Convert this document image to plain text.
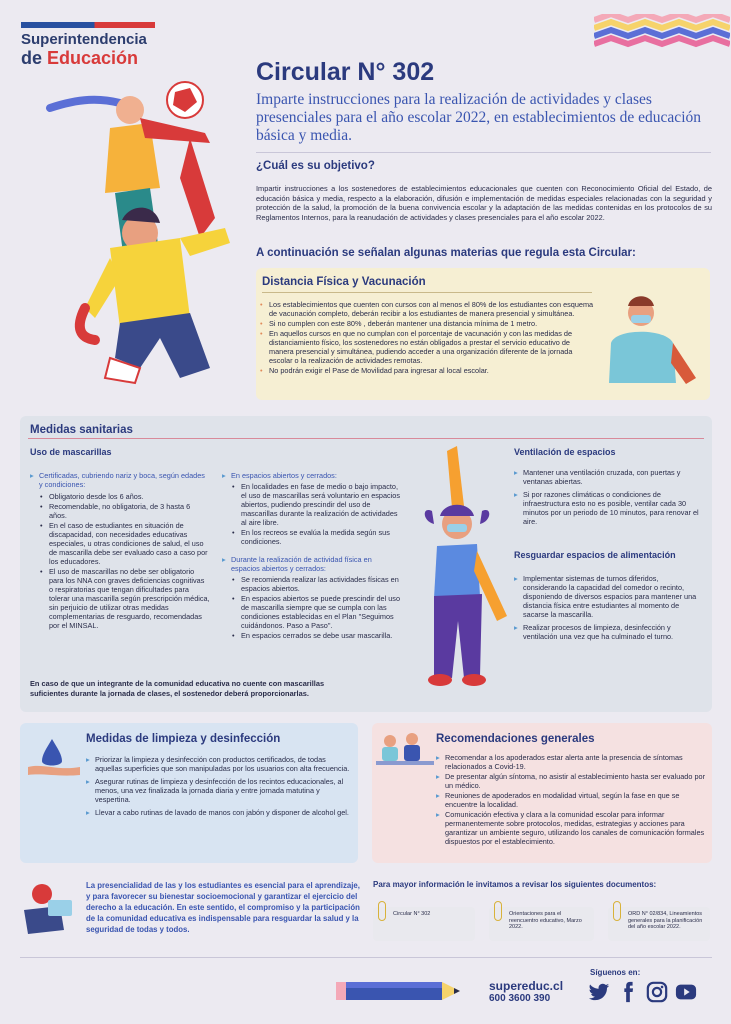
Superintendencia
de Educación	Circular N° 302
Imparte instrucciones para la realización de actividades y clases presenciales para el año escolar 2022, en establecimientos de educación básica y media.
¿Cuál es su objetivo?
Impartir instrucciones a los sostenedores de establecimientos educacionales que cuenten con Reconocimiento Oficial del Estado, de educación básica y media, respecto a la elaboración, difusión e implementación de medidas especiales relacionadas con la seguridad y protección de la salud, la promoción de la buena convivencia escolar y la adaptación de las medidas contenidas en los protocolos de su Reglamentos Internos, para la reanudación de actividades y clases presenciales para el año escolar 2022.
A continuación se señalan algunas materias que regula esta Circular:
Distancia Física y Vacunación
• Los establecimientos que cuenten con cursos con al menos el 80% de los estudiantes con esquema de vacunación completo, deberán recibir a los estudiantes de manera presencial y simultánea.
• Si no cumplen con este 80% , deberán mantener una distancia mínima de 1 metro.
• En aquellos cursos en que no cumplan con el porcentaje de vacunación y con las medidas de distanciamiento físico, los sostenedores no están obligados a prestar el servicio educativo de manera presencial y simultánea, pudiendo acceder a una organización diferente de la jornada escolar o la realización de actividades remotas.
• No podrán exigir el Pase de Movilidad para ingresar al local escolar.
Medidas sanitarias
Uso de mascarillas
▸ Certificadas, cubriendo nariz y boca, según edades y condiciones:
• Obligatorio desde los 6 años.
• Recomendable, no obligatoria, de 3 hasta 6 años.
• En el caso de estudiantes en situación de discapacidad, con necesidades educativas especiales, u otras condiciones de salud, el uso de mascarilla debe ser evaluado caso a caso por los educadores.
• El uso de mascarillas no debe ser obligatorio para los NNA con graves deficiencias cognitivas o respiratorias que tengan dificultades para tolerar una mascarilla según prescripción médica, sin perjuicio de utilizar otras medidas complementarias de resguardo, recomendadas por el MINSAL.
▸ En espacios abiertos y cerrados:
• En localidades en fase de medio o bajo impacto, el uso de mascarillas será voluntario en espacios abiertos, pudiendo prescindir del uso de mascarillas durante la realización de actividades al aire libre.
• En los recreos se evalúa la medida según sus condiciones.
▸ Durante la realización de actividad física en espacios abiertos y cerrados:
• Se recomienda realizar las actividades físicas en espacios abiertos.
• En espacios abiertos se puede prescindir del uso de mascarilla siempre que se cumpla con las condiciones establecidas en el Plan "Seguimos cuidándonos. Paso a Paso".
• En espacios cerrados se debe usar mascarilla.
En caso de que un integrante de la comunidad educativa no cuente con mascarillas suficientes durante la jornada de clases, el sostenedor deberá proporcionarlas.
Ventilación de espacios
▸ Mantener una ventilación cruzada, con puertas y ventanas abiertas.
▸ Si por razones climáticas o condiciones de infraestructura esto no es posible, ventilar cada 30 minutos por un periodo de 10 minutos, para renovar el aire.
Resguardar espacios de alimentación
▸ Implementar sistemas de turnos diferidos, considerando la capacidad del comedor o recinto, disponiendo de diversos espacios para mantener una distancia física entre estudiantes al momento de sacarse la mascarilla.
▸ Realizar procesos de limpieza, desinfección y ventilación una vez que ha culminado el turno.
Medidas de limpieza y desinfección
▸ Priorizar la limpieza y desinfección con productos certificados, de todas aquellas superficies que son manipuladas por los usuarios con alta frecuencia.
▸ Asegurar rutinas de limpieza y desinfección de los recintos educacionales, al menos, una vez finalizada la jornada diaria y entre jornada matutina y vespertina.
▸ Llevar a cabo rutinas de lavado de manos con jabón y disponer de alcohol gel.
Recomendaciones generales
▸ Recomendar a los apoderados estar alerta ante la presencia de síntomas relacionados a Covid-19.
▸ De presentar algún síntoma, no asistir al establecimiento hasta ser evaluado por un médico.
▸ Reuniones de apoderados en modalidad virtual, según la fase en que se encuentre la localidad.
▸ Comunicación efectiva y clara a la comunidad escolar para informar permanentemente sobre protocolos, medidas, estrategias y acciones para garantizar un ambiente seguro, utilizando los canales de comunicación formales dispuestos por el establecimiento.
La presencialidad de las y los estudiantes es esencial para el aprendizaje, y para favorecer su bienestar socioemocional y garantizar el ejercicio del derecho a la educación. En este sentido, el compromiso y la participación de la comunidad educativa es indispensable para resguardar la salud y la seguridad de todas y todos.
Para mayor información le invitamos a revisar los siguientes documentos:
Circular N° 302	Orientaciones para el reencuentro educativo, Marzo 2022.
ORD N° 02/834, Lineamientos generales para la planificación del año escolar 2022.
supereduc.cl
600 3600 390
Síguenos en:
